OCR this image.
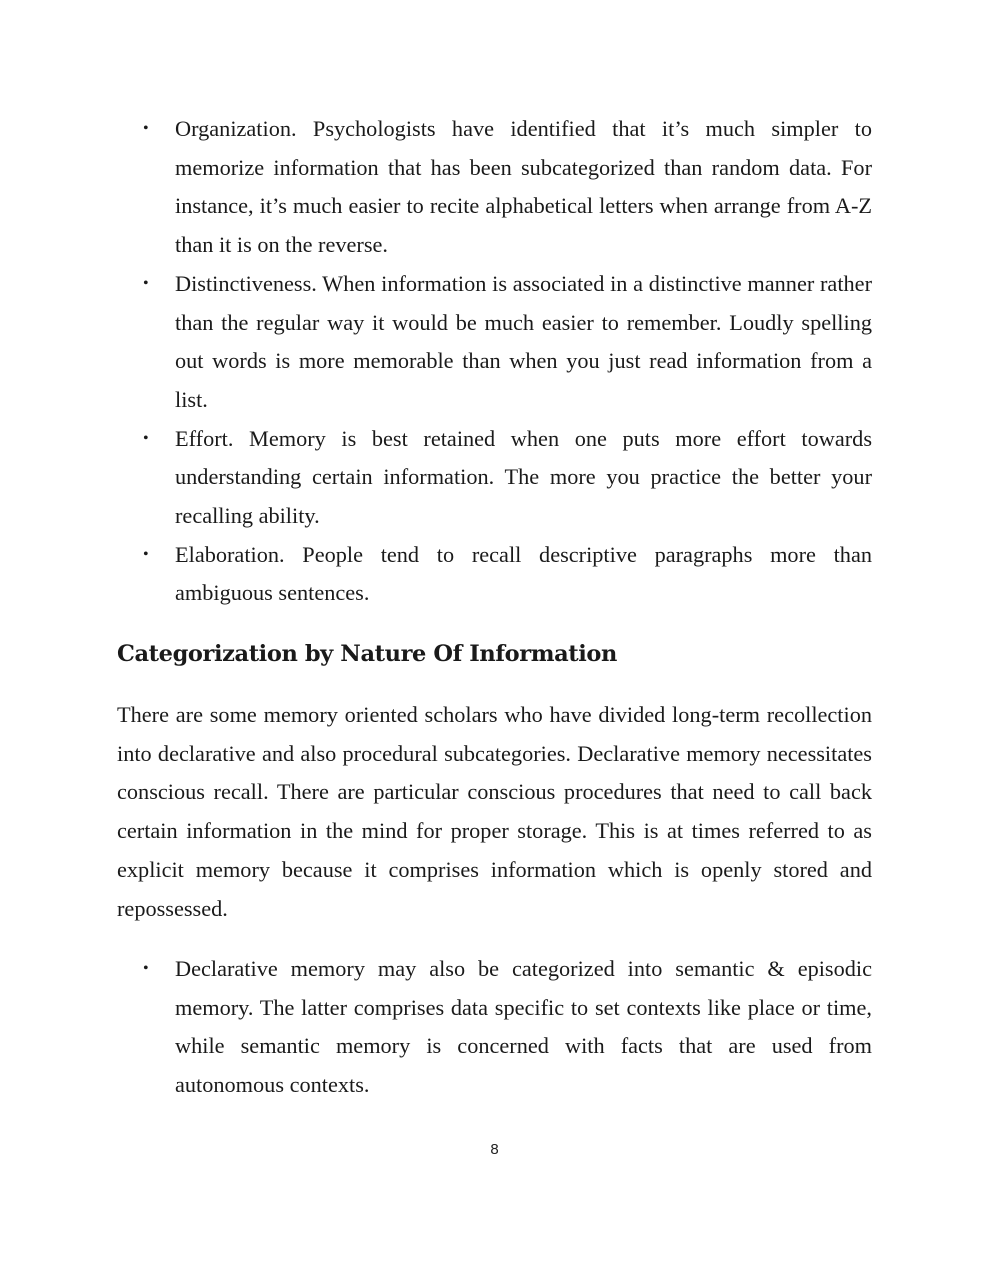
• Organization. Psychologists have identified that it’s much simpler to memorize information that has been subcategorized than random data. For instance, it’s much easier to recite alphabetical letters when arrange from A-Z than it is on the reverse.
• Distinctiveness. When information is associated in a distinctive manner rather than the regular way it would be much easier to remember. Loudly spelling out words is more memorable than when you just read information from a list.
• Effort. Memory is best retained when one puts more effort towards understanding certain information. The more you practice the better your recalling ability.
• Elaboration. People tend to recall descriptive paragraphs more than ambiguous sentences.
Categorization by Nature Of Information

There are some memory oriented scholars who have divided long-term recollection into declarative and also procedural subcategories. Declarative memory necessitates conscious recall. There are particular conscious procedures that need to call back certain information in the mind for proper storage. This is at times referred to as explicit memory because it comprises information which is openly stored and repossessed.

• Declarative memory may also be categorized into semantic & episodic memory. The latter comprises data specific to set contexts like place or time, while semantic memory is concerned with facts that are used from autonomous contexts.
8
